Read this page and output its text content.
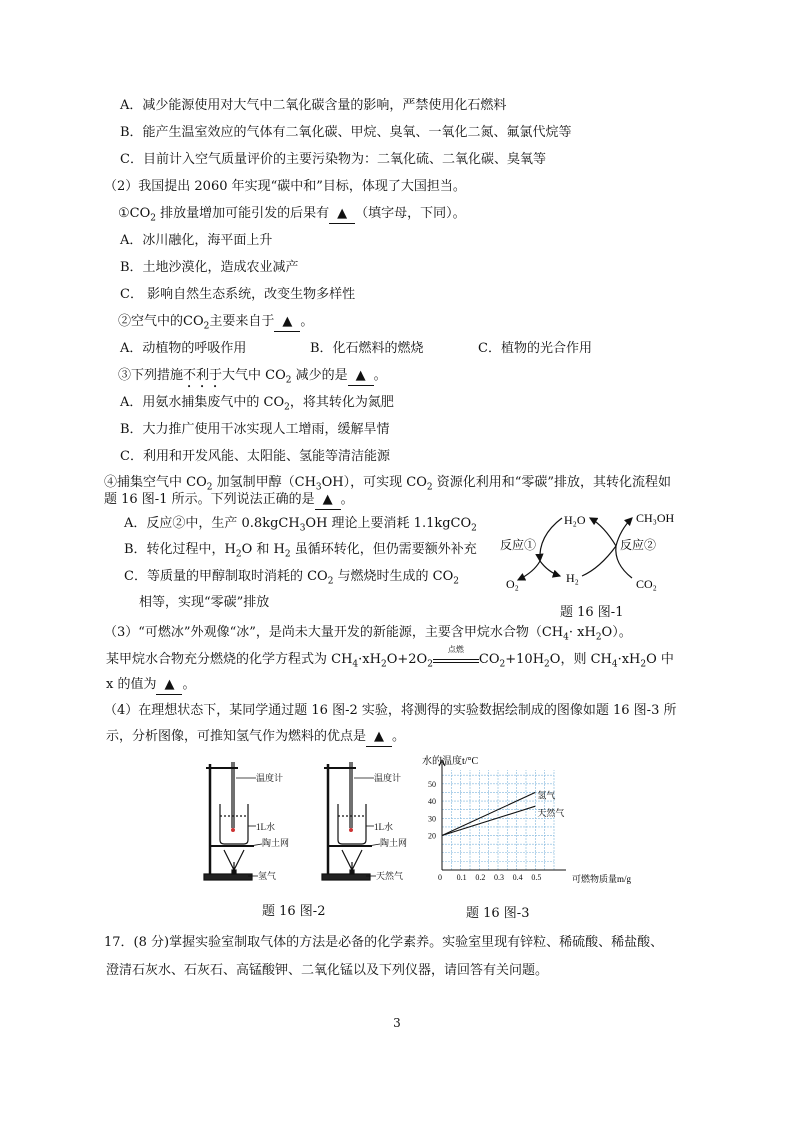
A．减少能源使用对大气中二氧化碳含量的影响，严禁使用化石燃料
B．能产生温室效应的气体有二氧化碳、甲烷、臭氧、一氧化二氮、氟氯代烷等
C．目前计入空气质量评价的主要污染物为：二氧化硫、二氧化碳、臭氧等
（2）我国提出 2060 年实现“碳中和”目标，体现了大国担当。
$①CO_2$ 排放量增加可能引发的后果有 ▲ （填字母，下同）。
A．冰川融化，海平面上升
B．土地沙漠化，造成农业减产
C． 影响自然生态系统，改变生物多样性
②空气中的$CO_2$主要来自于 ▲ 。
A．动植物的呼吸作用	B．化石燃料的燃烧	C．植物的光合作用
③下列措施不利于大气中 $CO_2$ 减少的是 ▲ 。
A．用氨水捕集废气中的 $CO_2$，将其转化为氮肥
B．大力推广使用干冰实现人工增雨，缓解旱情
C．利用和开发风能、太阳能、氢能等清洁能源
④捕集空气中 $CO_2$ 加氢制甲醇$(CH_3OH)$，可实现 $CO_2$ 资源化利用和“零碳”排放，其转化流程如
题 16 图-1 所示。下列说法正确的是 ▲ 。
A．反应②中，生产 0.8kgCH$_3$OH 理论上要消耗 1.1kgCO$_2$
B．转化过程中，$H_2O$ 和 $H_2$ 虽循环转化，但仍需要额外补充
C．等质量的甲醇制取时消耗的 $CO_2$ 与燃烧时生成的 $CO_2$
相等，实现“零碳”排放
H₂O	CH₃OH
反应①	反应②
O₂	H₂	CO₂
题 16 图-1
（3）“可燃冰”外观像“冰”，是尚未大量开发的新能源，主要含甲烷水合物$(CH_4\cdot xH_2O)$。
某甲烷水合物充分燃烧的化学方程式为 $CH_4\cdot xH_2O+2O_2$
点燃
$CO_2+10H_2O$，则 $CH_4\cdot xH_2O$ 中
x 的值为 ▲ 。
（4）在理想状态下，某同学通过题 16 图-2 实验，将测得的实验数据绘制成的图像如题 16 图-3 所
示，分析图像，可推知氢气作为燃料的优点是 ▲ 。
温度计
1L水
陶土网
氢气
温度计
1L水
陶土网
天然气
题 16 图-2
0 0.1 0.2 0.3 0.4 0.5
20
30
40
50
氢气
天然气
水的温度t/°C
可燃物质量m/g
题 16 图-3
17．(8 分)掌握实验室制取气体的方法是必备的化学素养。实验室里现有锌粒、稀硫酸、稀盐酸、
澄清石灰水、石灰石、高锰酸钾、二氧化锰以及下列仪器，请回答有关问题。
3
